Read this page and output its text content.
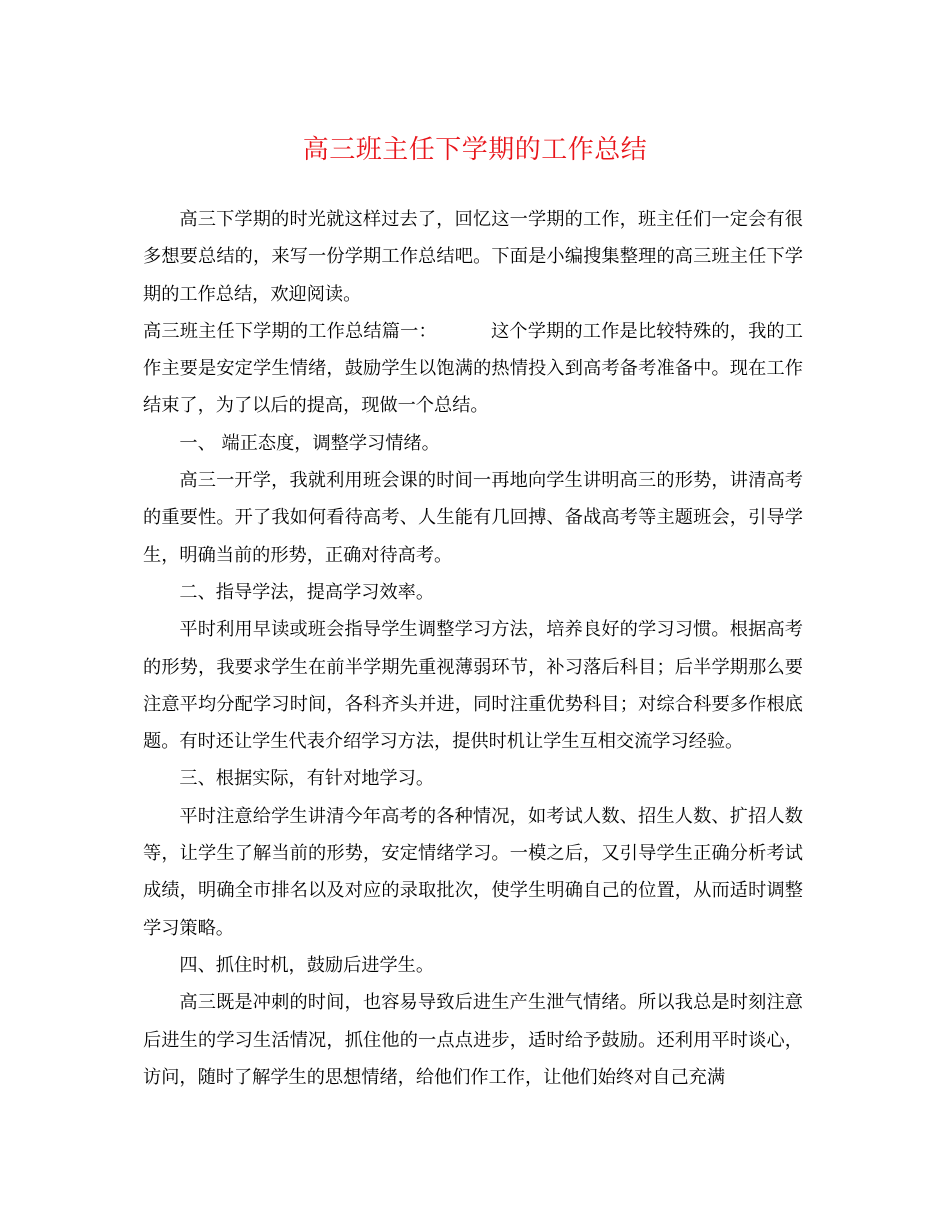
高三班主任下学期的工作总结

高三下学期的时光就这样过去了，回忆这一学期的工作，班主任们一定会有很多想要总结的，来写一份学期工作总结吧。下面是小编搜集整理的高三班主任下学期的工作总结，欢迎阅读。

高三班主任下学期的工作总结篇一：	这个学期的工作是比较特殊的，我的工作主要是安定学生情绪，鼓励学生以饱满的热情投入到高考备考准备中。现在工作结束了，为了以后的提高，现做一个总结。

一、 端正态度，调整学习情绪。

高三一开学，我就利用班会课的时间一再地向学生讲明高三的形势，讲清高考的重要性。开了我如何看待高考、人生能有几回搏、备战高考等主题班会，引导学生，明确当前的形势，正确对待高考。

二、指导学法，提高学习效率。

平时利用早读或班会指导学生调整学习方法，培养良好的学习习惯。根据高考的形势，我要求学生在前半学期先重视薄弱环节，补习落后科目；后半学期那么要注意平均分配学习时间，各科齐头并进，同时注重优势科目；对综合科要多作根底题。有时还让学生代表介绍学习方法，提供时机让学生互相交流学习经验。

三、根据实际，有针对地学习。

平时注意给学生讲清今年高考的各种情况，如考试人数、招生人数、扩招人数等，让学生了解当前的形势，安定情绪学习。一模之后，又引导学生正确分析考试成绩，明确全市排名以及对应的录取批次，使学生明确自己的位置，从而适时调整学习策略。

四、抓住时机，鼓励后进学生。

高三既是冲刺的时间，也容易导致后进生产生泄气情绪。所以我总是时刻注意后进生的学习生活情况，抓住他的一点点进步，适时给予鼓励。还利用平时谈心， 访问，随时了解学生的思想情绪，给他们作工作，让他们始终对自己充满
